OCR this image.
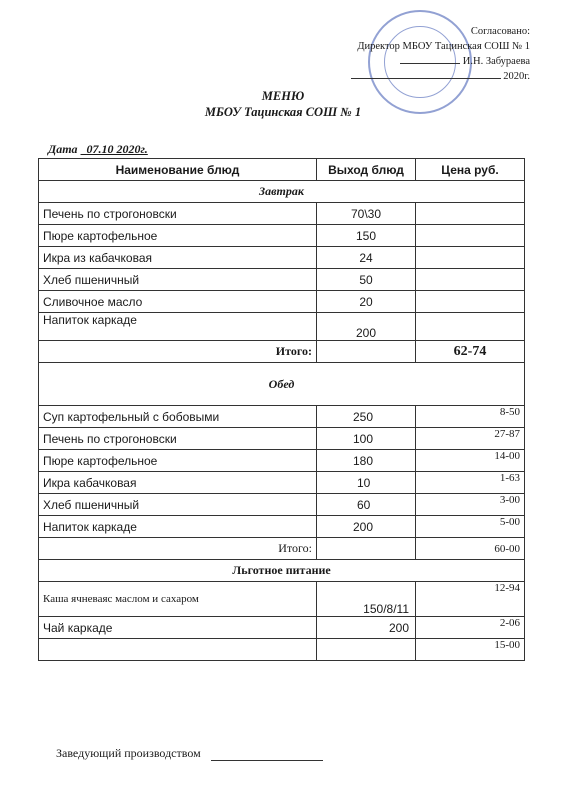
Согласовано:
Директор МБОУ Тацинская СОШ № 1
И.Н. Забураева
2020г.
МЕНЮ
МБОУ Тацинская СОШ № 1
Дата 07.10 2020г.
Наименование блюд	Выход блюд	Цена руб.
Завтрак		
Печень по строгоновски	70\30	
Пюре картофельное	150	
Икра из кабачковая	24	
Хлеб пшеничный	50	
Сливочное масло	20	
Напиток каркаде	200	
Итого:		62-74
Обед		
Суп картофельный с бобовыми	250	8-50
Печень по строгоновски	100	27-87
Пюре картофельное	180	14-00
Икра кабачковая	10	1-63
Хлеб пшеничный	60	3-00
Напиток каркаде	200	5-00
Итого:		60-00
Льготное питание		
Каша ячневаяс маслом и сахаром	150/8/11	12-94
Чай каркаде	200	2-06
		15-00
Заведующий производством
